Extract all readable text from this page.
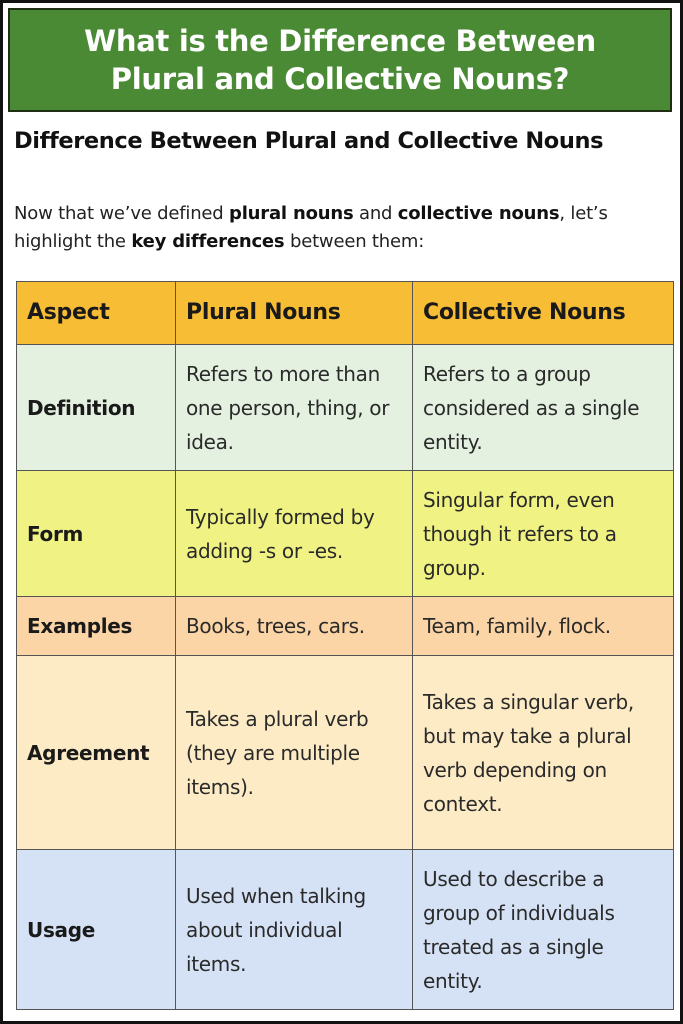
What is the Difference Between Plural and Collective Nouns?
Difference Between Plural and Collective Nouns
Now that we’ve defined plural nouns and collective nouns, let’s highlight the key differences between them:
Aspect	Plural Nouns	Collective Nouns
Definition	Refers to more than one person, thing, or idea.	Refers to a group considered as a single entity.
Form	Typically formed by adding -s or -es.	Singular form, even though it refers to a group.
Examples	Books, trees, cars.	Team, family, flock.
Agreement	Takes a plural verb (they are multiple items).	Takes a singular verb, but may take a plural verb depending on context.
Usage	Used when talking about individual items.	Used to describe a group of individuals treated as a single entity.
